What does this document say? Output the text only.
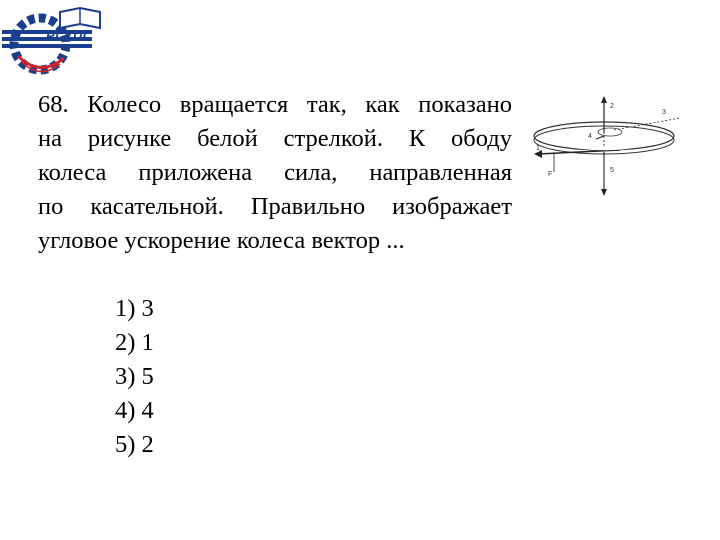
РГУПС
68. Колесо вращается так, как показано
на рисунке белой стрелкой. К ободу
колеса приложена сила, направленная
по касательной. Правильно изображает
угловое ускорение колеса вектор ...
2
3
4
1
5
F
1) 3
2) 1
3) 5
4) 4
5) 2
